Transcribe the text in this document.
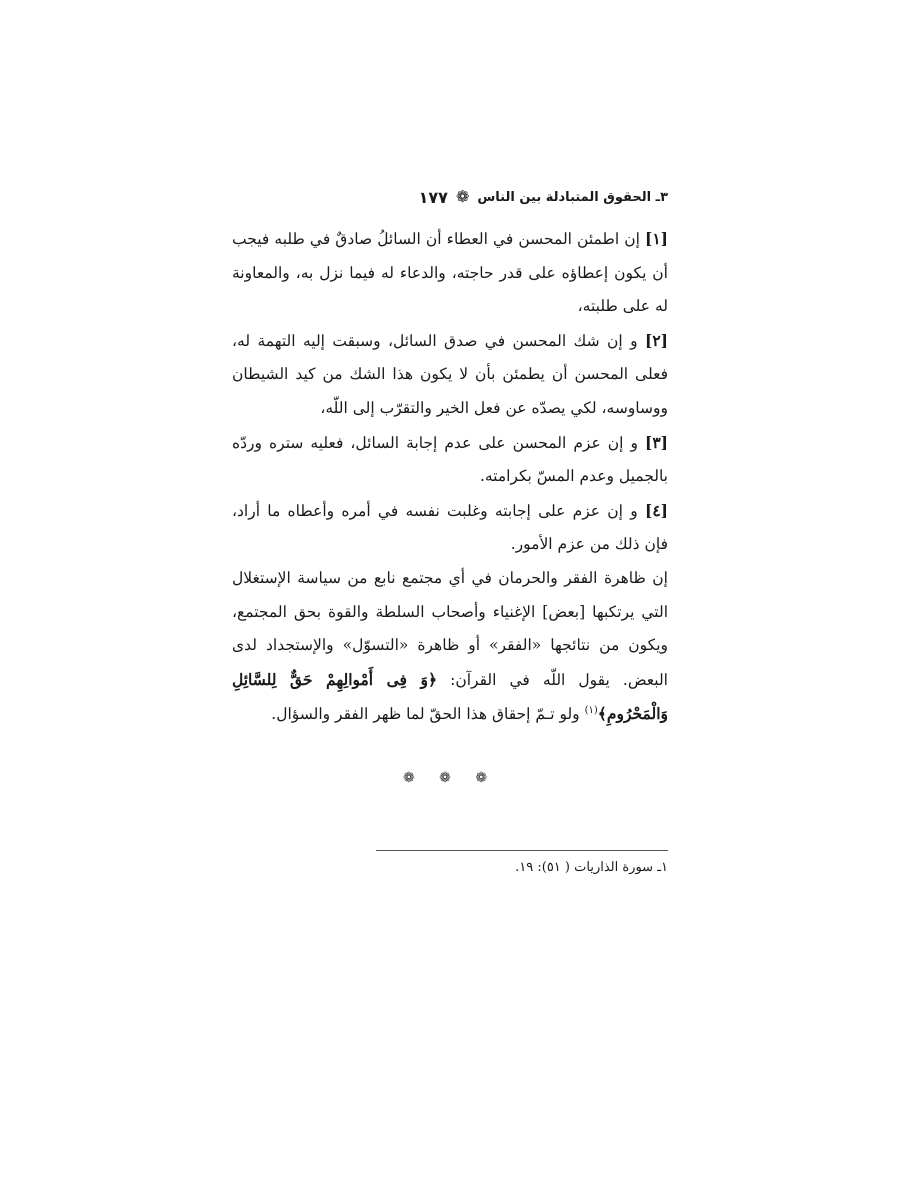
٣ـ الحقوق المتبادلة بين الناس
❁
١٧٧

[١] إن اطمئن المحسن في العطاء أن السائلُ صادقٌ في طلبه فيجب أن يكون إعطاؤه على قدر حاجته، والدعاء له فيما نزل به، والمعاونة له على طلبته،

[٢] و إن شك المحسن في صدق السائل، وسبقت إليه التهمة له، فعلى المحسن أن يطمئن بأن لا يكون هذا الشك من كيد الشيطان ووساوسه، لكي يصدّه عن فعل الخير والتقرّب إلى اللّه،

[٣] و إن عزم المحسن على عدم إجابة السائل، فعليه ستره وردّه بالجميل وعدم المسّ بكرامته.

[٤] و إن عزم على إجابته وغلبت نفسه في أمره وأعطاه ما أراد، فإن ذلك من عزم الأمور.

إن ظاهرة الفقر والحرمان في أي مجتمع نابع من سياسة الإستغلال التي يرتكبها [بعض] الإغنياء وأصحاب السلطة والقوة بحق المجتمع، ويكون من نتائجها «الفقر» أو ظاهرة «التسوّل» والإستجداد لدى البعض. يقول اللّه في القرآن: ﴿وَ فِى أَمْوالِهِمْ حَقٌّ لِلسَّائِلِ وَالْمَحْرُومِ﴾$^{(١)}$ ولو تـمّ إحقاق هذا الحقّ لما ظهر الفقر والسؤال.

❁ ❁ ❁
١ـ سورة الذاريات ( ٥١): ١٩.
